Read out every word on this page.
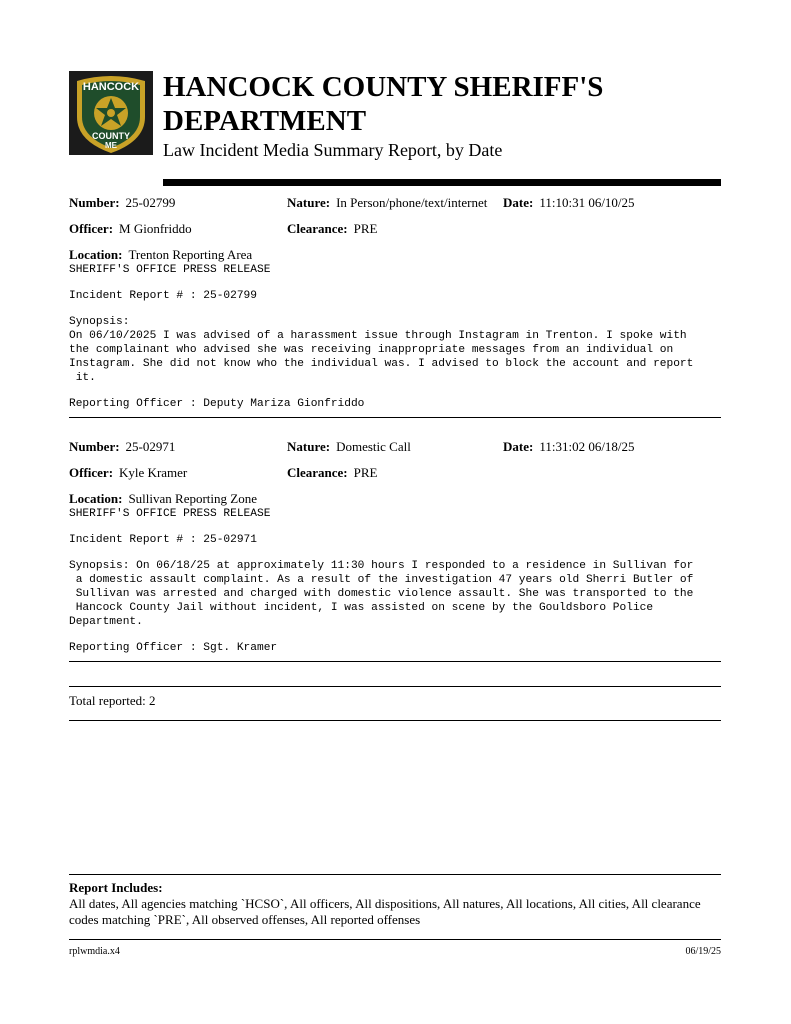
HANCOCK
COUNTY
ME
HANCOCK COUNTY SHERIFF'S
DEPARTMENT
Law Incident Media Summary Report, by Date
Number: 25-02799	Nature: In Person/phone/text/internet Date: 11:10:31 06/10/25
Officer: M Gionfriddo	Clearance: PRE
Location: Trenton Reporting Area
SHERIFF'S OFFICE PRESS RELEASE
Incident Report # : 25-02799
Synopsis:
On 06/10/2025 I was advised of a harassment issue through Instagram in Trenton. I spoke with
the complainant who advised she was receiving inappropriate messages from an individual on
Instagram. She did not know who the individual was. I advised to block the account and report
it.
Reporting Officer : Deputy Mariza Gionfriddo
Number: 25-02971	Nature: Domestic Call	Date: 11:31:02 06/18/25
Officer: Kyle Kramer	Clearance: PRE
Location: Sullivan Reporting Zone
SHERIFF'S OFFICE PRESS RELEASE
Incident Report # : 25-02971
Synopsis: On 06/18/25 at approximately 11:30 hours I responded to a residence in Sullivan for
a domestic assault complaint. As a result of the investigation 47 years old Sherri Butler of
Sullivan was arrested and charged with domestic violence assault. She was transported to the
Hancock County Jail without incident, I was assisted on scene by the Gouldsboro Police
Department.
Reporting Officer : Sgt. Kramer
Total reported: 2
Report Includes:
All dates, All agencies matching `HCSO`, All officers, All dispositions, All natures, All locations, All cities, All clearance codes matching `PRE`, All observed offenses, All reported offenses
rplwmdia.x4	06/19/25
